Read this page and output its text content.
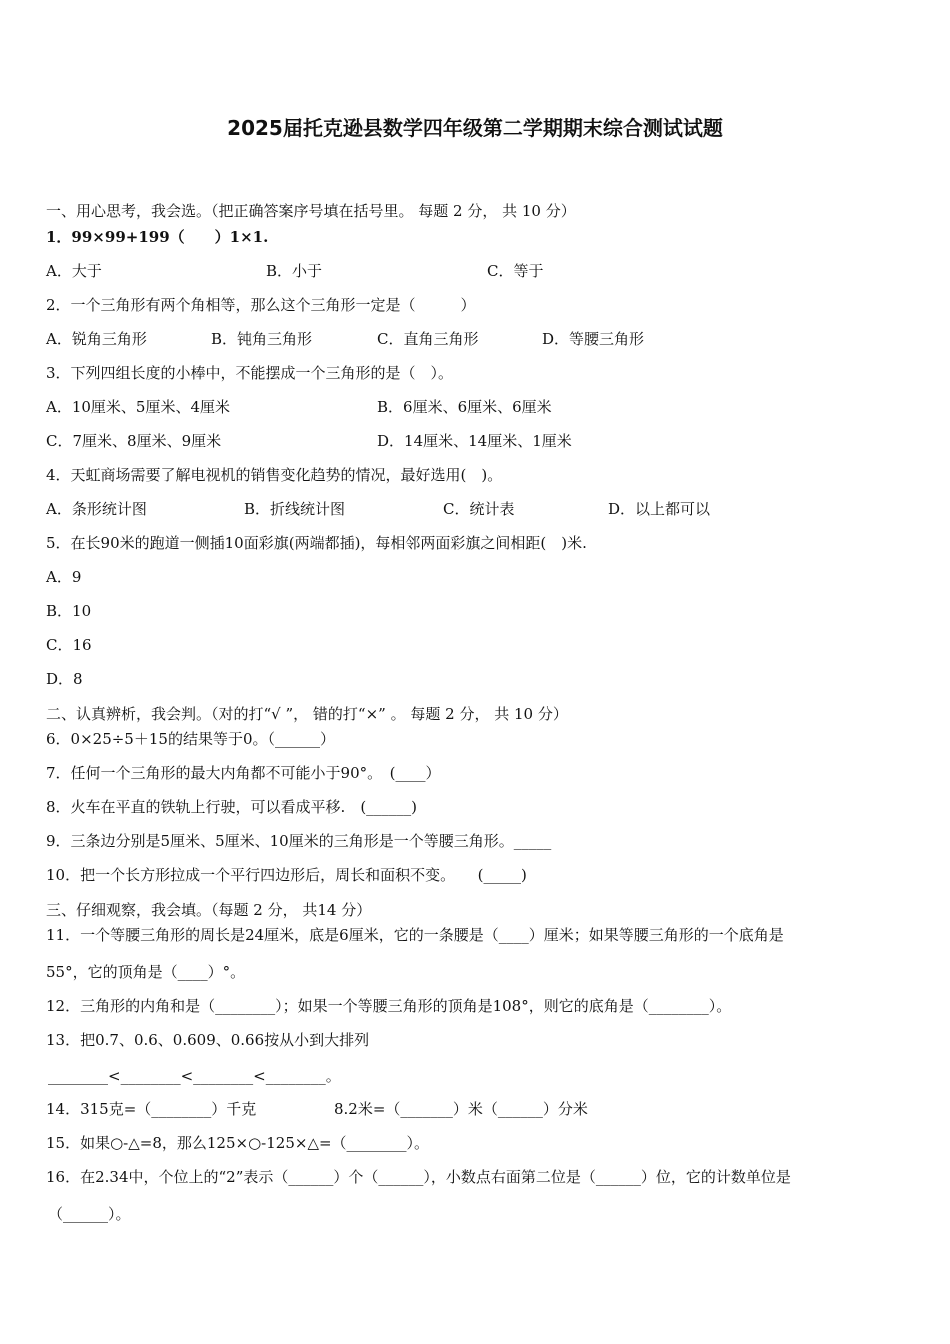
2025届托克逊县数学四年级第二学期期末综合测试试题
一、用心思考，我会选。（把正确答案序号填在括号里。 每题 2 分， 共 10 分）
1．99×99+199（　　）1×1.
A．大于	B．小于	C．等于
2．一个三角形有两个角相等，那么这个三角形一定是（　　　）
A．锐角三角形	B．钝角三角形	C．直角三角形	D．等腰三角形
3．下列四组长度的小棒中，不能摆成一个三角形的是（　）。
A．10厘米、5厘米、4厘米	B．6厘米、6厘米、6厘米
C．7厘米、8厘米、9厘米	D．14厘米、14厘米、1厘米
4．天虹商场需要了解电视机的销售变化趋势的情况，最好选用(　)。
A．条形统计图	B．折线统计图	C．统计表	D．以上都可以
5．在长90米的跑道一侧插10面彩旗(两端都插)，每相邻两面彩旗之间相距(　)米.
A．9
B．10
C．16
D．8
二、认真辨析，我会判。（对的打“√ ”， 错的打“×” 。 每题 2 分， 共 10 分）
6．0×25÷5＋15的结果等于0。（______）
7．任何一个三角形的最大内角都不可能小于90°。　(____）
8．火车在平直的铁轨上行驶，可以看成平移.　(______)
9．三条边分别是5厘米、5厘米、10厘米的三角形是一个等腰三角形。_____
10．把一个长方形拉成一个平行四边形后，周长和面积不变。　　(_____)
三、仔细观察，我会填。（每题 2 分， 共14 分）
11．一个等腰三角形的周长是24厘米，底是6厘米，它的一条腰是（____）厘米；如果等腰三角形的一个底角是
55°，它的顶角是（____）°。
12．三角形的内角和是（________）；如果一个等腰三角形的顶角是108°，则它的底角是（________）。
13．把0.7、0.6、0.609、0.66按从小到大排列
________<________<________<________。
14．315克=（________）千克	8.2米=（_______）米（______）分米
15．如果○-△=8，那么125×○-125×△=（________）。
16．在2.34中，个位上的“2”表示（______）个（______），小数点右面第二位是（______）位，它的计数单位是
（______）。
